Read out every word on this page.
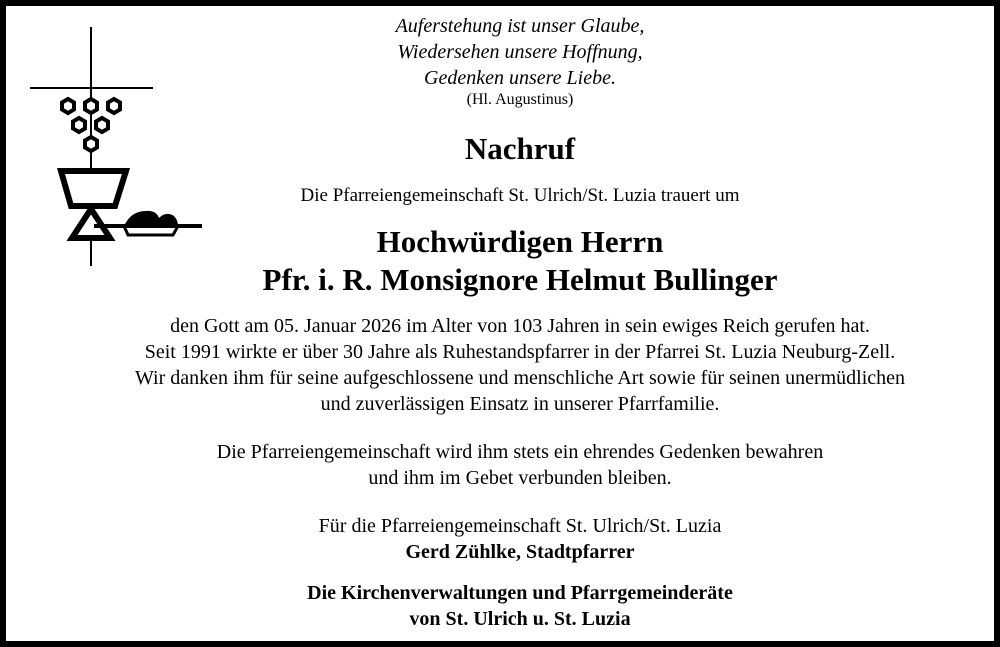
Auferstehung ist unser Glaube,
Wiedersehen unsere Hoffnung,
Gedenken unsere Liebe.
(Hl. Augustinus)
Nachruf
Die Pfarreiengemeinschaft St. Ulrich/St. Luzia trauert um
Hochwürdigen Herrn
Pfr. i. R. Monsignore Helmut Bullinger
den Gott am 05. Januar 2026 im Alter von 103 Jahren in sein ewiges Reich gerufen hat.
Seit 1991 wirkte er über 30 Jahre als Ruhestandspfarrer in der Pfarrei St. Luzia Neuburg-Zell.
Wir danken ihm für seine aufgeschlossene und menschliche Art sowie für seinen unermüdlichen
und zuverlässigen Einsatz in unserer Pfarrfamilie.
Die Pfarreiengemeinschaft wird ihm stets ein ehrendes Gedenken bewahren
und ihm im Gebet verbunden bleiben.
Für die Pfarreiengemeinschaft St. Ulrich/St. Luzia
Gerd Zühlke, Stadtpfarrer
Die Kirchenverwaltungen und Pfarrgemeinderäte
von St. Ulrich u. St. Luzia
